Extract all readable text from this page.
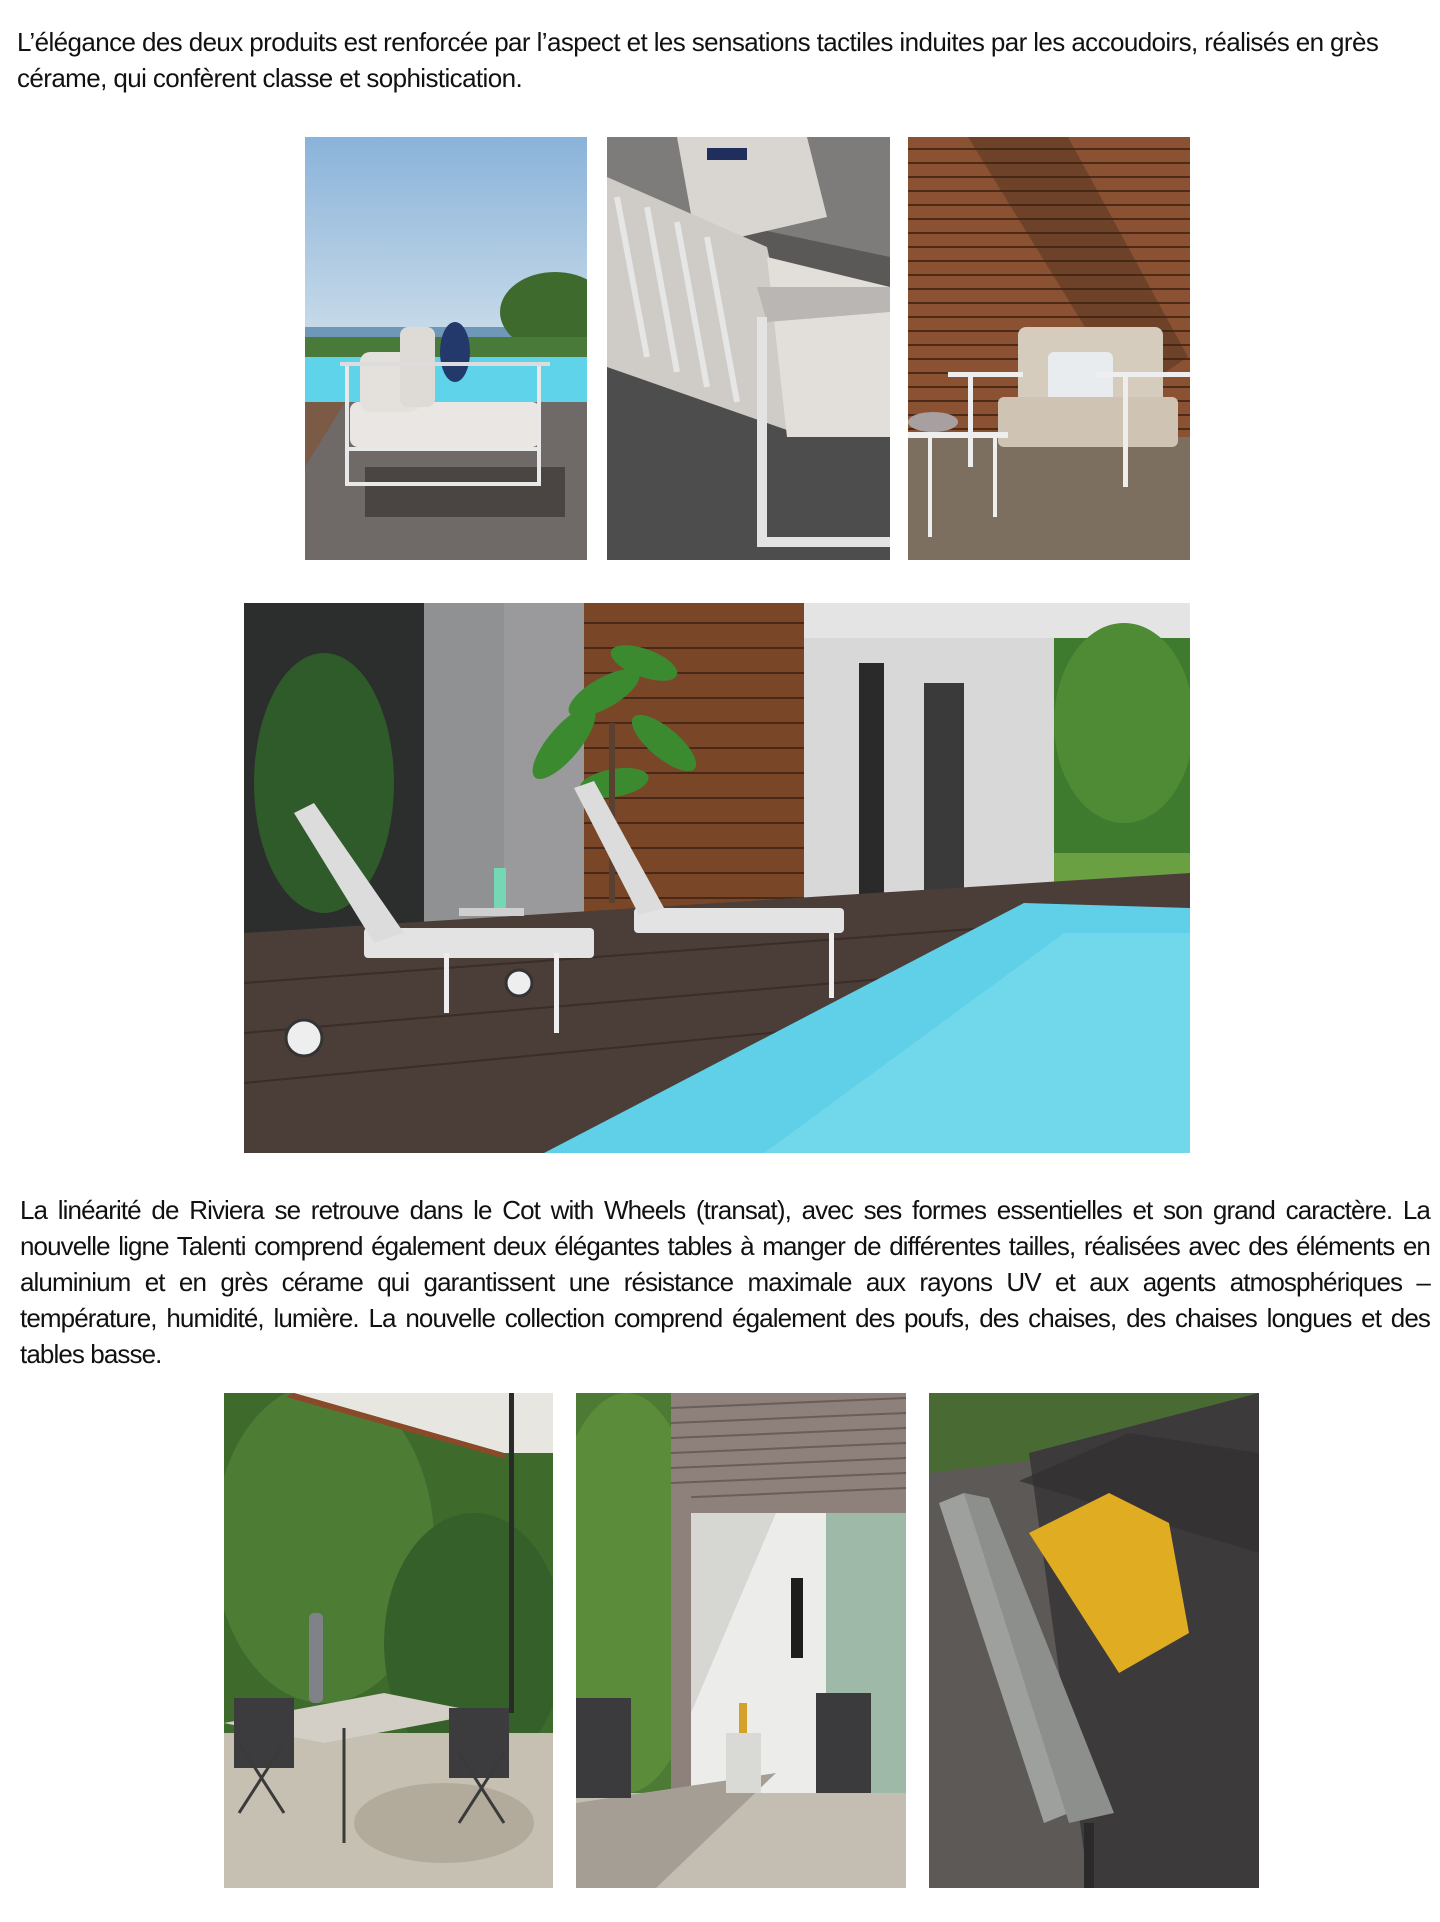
L’élégance des deux produits est renforcée par l’aspect et les sensations tactiles induites par les accoudoirs, réalisés en grès cérame, qui confèrent classe et sophistication.

La linéarité de Riviera se retrouve dans le Cot with Wheels (transat), avec ses formes essentielles et son grand caractère. La nouvelle ligne Talenti comprend également deux élégantes tables à manger de différentes tailles, réalisées avec des éléments en aluminium et en grès cérame qui garantissent une résistance maximale aux rayons UV et aux agents atmosphériques – température, humidité, lumière. La nouvelle collection comprend également des poufs, des chaises, des chaises longues et des tables basse.
